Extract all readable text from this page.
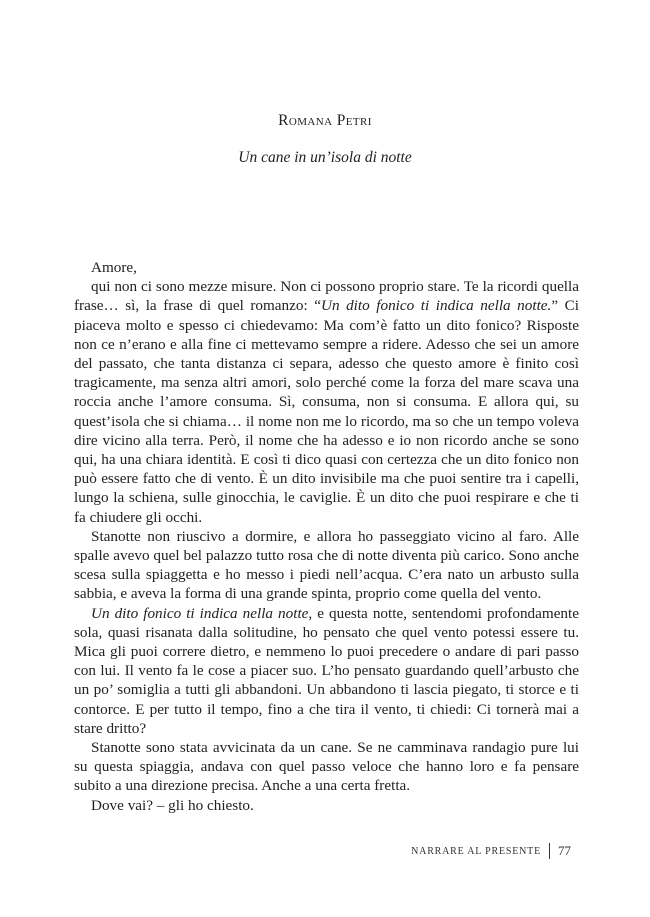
Romana Petri
Un cane in un’isola di notte

Amore,

qui non ci sono mezze misure. Non ci possono proprio stare. Te la ricordi quella frase… sì, la frase di quel romanzo: “Un dito fonico ti indica nella notte.” Ci piaceva molto e spesso ci chiedevamo: Ma com’è fatto un dito fonico? Risposte non ce n’erano e alla fine ci mettevamo sempre a ridere. Adesso che sei un amore del passato, che tanta distanza ci separa, adesso che questo amore è finito così tragicamente, ma senza altri amori, solo perché come la forza del mare scava una roccia anche l’amore consuma. Sì, consuma, non si consuma. E allora qui, su quest’isola che si chiama… il nome non me lo ricordo, ma so che un tempo voleva dire vicino alla terra. Però, il nome che ha adesso e io non ricordo anche se sono qui, ha una chiara identità. E così ti dico quasi con certezza che un dito fonico non può essere fatto che di vento. È un dito invisibile ma che puoi sentire tra i capelli, lungo la schiena, sulle ginocchia, le caviglie. È un dito che puoi respirare e che ti fa chiudere gli occhi.

Stanotte non riuscivo a dormire, e allora ho passeggiato vicino al faro. Alle spalle avevo quel bel palazzo tutto rosa che di notte diventa più carico. Sono anche scesa sulla spiaggetta e ho messo i piedi nell’acqua. C’era nato un arbusto sulla sabbia, e aveva la forma di una grande spinta, proprio come quella del vento.

Un dito fonico ti indica nella notte, e questa notte, sentendomi profondamente sola, quasi risanata dalla solitudine, ho pensato che quel vento potessi essere tu. Mica gli puoi correre dietro, e nemmeno lo puoi precedere o andare di pari passo con lui. Il vento fa le cose a piacer suo. L’ho pensato guardando quell’arbusto che un po’ somiglia a tutti gli abbandoni. Un abbandono ti lascia piegato, ti storce e ti contorce. E per tutto il tempo, fino a che tira il vento, ti chiedi: Ci tornerà mai a stare dritto?

Stanotte sono stata avvicinata da un cane. Se ne camminava randagio pure lui su questa spiaggia, andava con quel passo veloce che hanno loro e fa pensare subito a una direzione precisa. Anche a una certa fretta.

Dove vai? – gli ho chiesto.

NARRARE AL PRESENTE 77
